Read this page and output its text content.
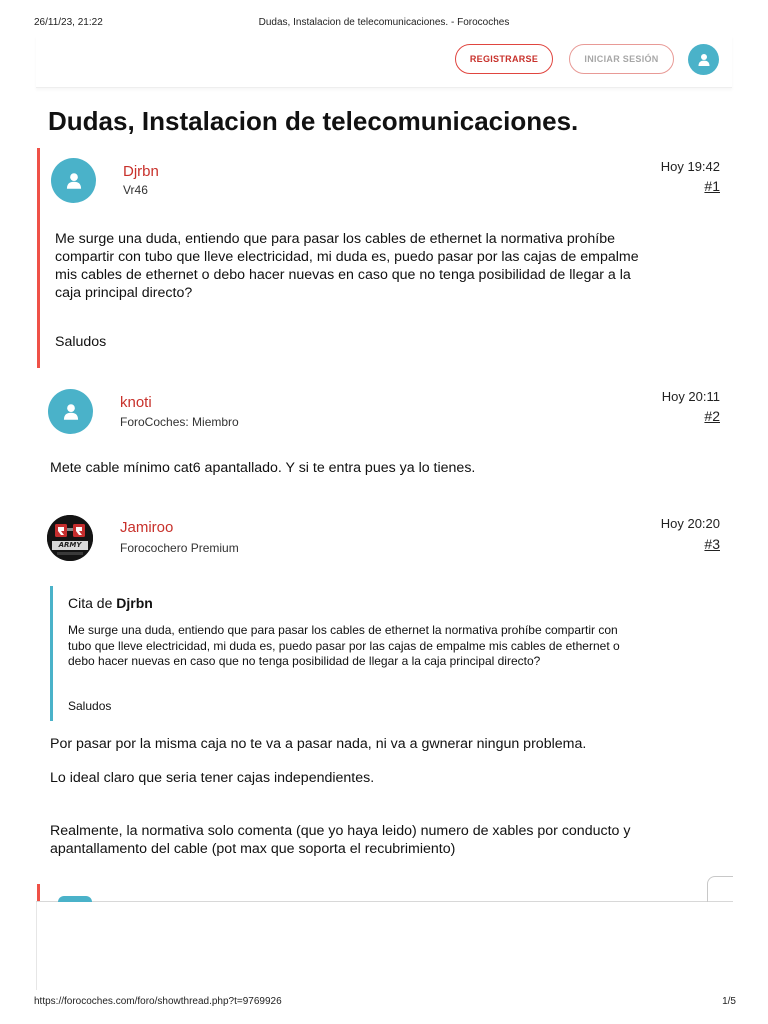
26/11/23, 21:22	Dudas, Instalacion de telecomunicaciones. - Forocoches
REGISTRARSE	INICIAR SESIÓN
Dudas, Instalacion de telecomunicaciones.
Djrbn
Vr46
Hoy 19:42
#1
Me surge una duda, entiendo que para pasar los cables de ethernet la normativa prohíbe
compartir con tubo que lleve electricidad, mi duda es, puedo pasar por las cajas de empalme
mis cables de ethernet o debo hacer nuevas en caso que no tenga posibilidad de llegar a la
caja principal directo?
Saludos
knoti
ForoCoches: Miembro
Hoy 20:11
#2
Mete cable mínimo cat6 apantallado. Y si te entra pues ya lo tienes.
ARMY
Jamiroo
Forocochero Premium
Hoy 20:20
#3
Cita de Djrbn
Me surge una duda, entiendo que para pasar los cables de ethernet la normativa prohíbe compartir con
tubo que lleve electricidad, mi duda es, puedo pasar por las cajas de empalme mis cables de ethernet o
debo hacer nuevas en caso que no tenga posibilidad de llegar a la caja principal directo?
Saludos
Por pasar por la misma caja no te va a pasar nada, ni va a gwnerar ningun problema.
Lo ideal claro que seria tener cajas independientes.
Realmente, la normativa solo comenta (que yo haya leido) numero de xables por conducto y
apantallamento del cable (pot max que soporta el recubrimiento)
https://forocoches.com/foro/showthread.php?t=9769926	1/5
